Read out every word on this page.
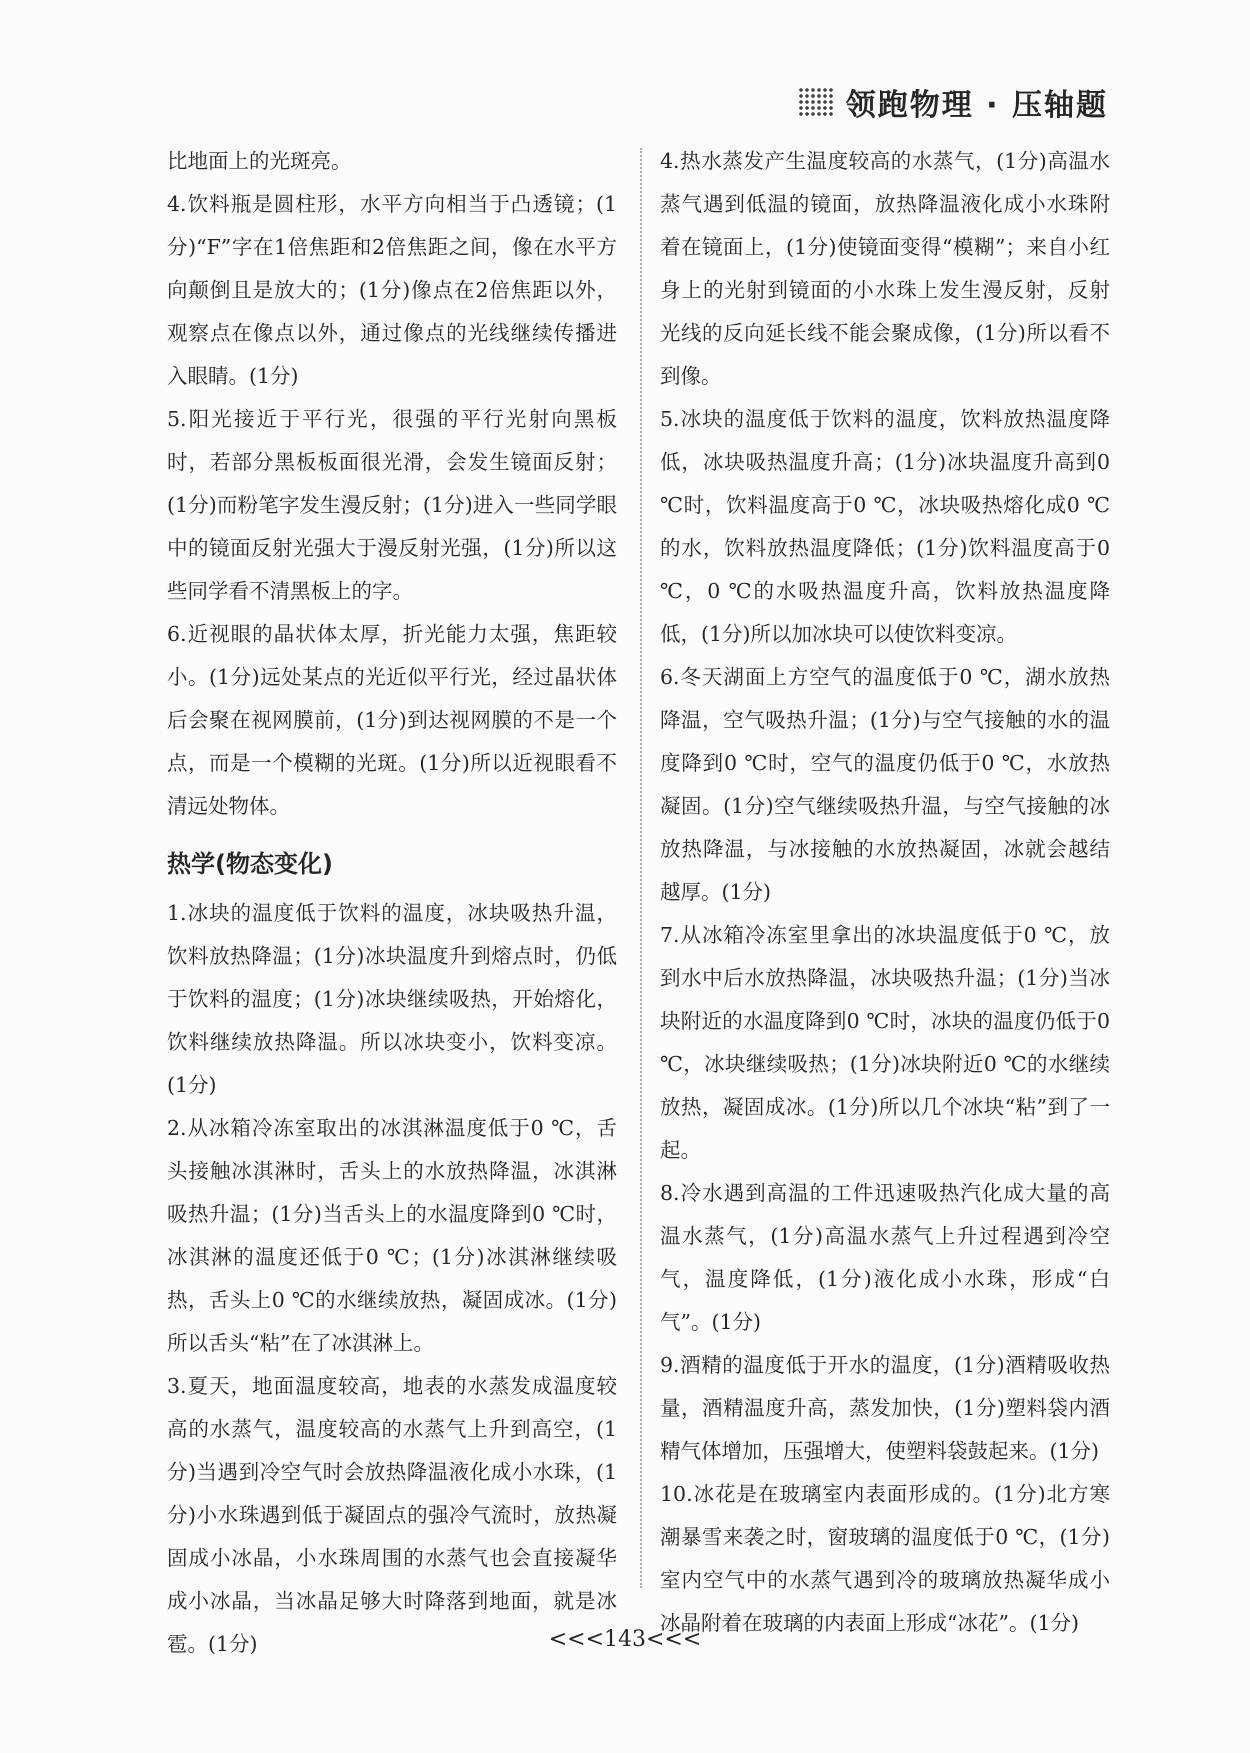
领跑物理 · 压轴题
比地面上的光斑亮。
4.饮料瓶是圆柱形，水平方向相当于凸透镜；(1分)“F”字在1倍焦距和2倍焦距之间，像在水平方向颠倒且是放大的；(1分)像点在2倍焦距以外，观察点在像点以外，通过像点的光线继续传播进入眼睛。(1分)
5.阳光接近于平行光，很强的平行光射向黑板时，若部分黑板板面很光滑，会发生镜面反射；(1分)而粉笔字发生漫反射；(1分)进入一些同学眼中的镜面反射光强大于漫反射光强，(1分)所以这些同学看不清黑板上的字。
6.近视眼的晶状体太厚，折光能力太强，焦距较小。(1分)远处某点的光近似平行光，经过晶状体后会聚在视网膜前，(1分)到达视网膜的不是一个点，而是一个模糊的光斑。(1分)所以近视眼看不清远处物体。
热学(物态变化)
1.冰块的温度低于饮料的温度，冰块吸热升温，饮料放热降温；(1分)冰块温度升到熔点时，仍低于饮料的温度；(1分)冰块继续吸热，开始熔化，饮料继续放热降温。所以冰块变小，饮料变凉。(1分)
2.从冰箱冷冻室取出的冰淇淋温度低于0 ℃，舌头接触冰淇淋时，舌头上的水放热降温，冰淇淋吸热升温；(1分)当舌头上的水温度降到0 ℃时，冰淇淋的温度还低于0 ℃；(1分)冰淇淋继续吸热，舌头上0 ℃的水继续放热，凝固成冰。(1分)所以舌头“粘”在了冰淇淋上。
3.夏天，地面温度较高，地表的水蒸发成温度较高的水蒸气，温度较高的水蒸气上升到高空，(1分)当遇到冷空气时会放热降温液化成小水珠，(1分)小水珠遇到低于凝固点的强冷气流时，放热凝固成小冰晶，小水珠周围的水蒸气也会直接凝华成小冰晶，当冰晶足够大时降落到地面，就是冰雹。(1分)
4.热水蒸发产生温度较高的水蒸气，(1分)高温水蒸气遇到低温的镜面，放热降温液化成小水珠附着在镜面上，(1分)使镜面变得“模糊”；来自小红身上的光射到镜面的小水珠上发生漫反射，反射光线的反向延长线不能会聚成像，(1分)所以看不到像。
5.冰块的温度低于饮料的温度，饮料放热温度降低，冰块吸热温度升高；(1分)冰块温度升高到0 ℃时，饮料温度高于0 ℃，冰块吸热熔化成0 ℃的水，饮料放热温度降低；(1分)饮料温度高于0 ℃，0 ℃的水吸热温度升高，饮料放热温度降低，(1分)所以加冰块可以使饮料变凉。
6.冬天湖面上方空气的温度低于0 ℃，湖水放热降温，空气吸热升温；(1分)与空气接触的水的温度降到0 ℃时，空气的温度仍低于0 ℃，水放热凝固。(1分)空气继续吸热升温，与空气接触的冰放热降温，与冰接触的水放热凝固，冰就会越结越厚。(1分)
7.从冰箱冷冻室里拿出的冰块温度低于0 ℃，放到水中后水放热降温，冰块吸热升温；(1分)当冰块附近的水温度降到0 ℃时，冰块的温度仍低于0 ℃，冰块继续吸热；(1分)冰块附近0 ℃的水继续放热，凝固成冰。(1分)所以几个冰块“粘”到了一起。
8.冷水遇到高温的工件迅速吸热汽化成大量的高温水蒸气，(1分)高温水蒸气上升过程遇到冷空气，温度降低，(1分)液化成小水珠，形成“白气”。(1分)
9.酒精的温度低于开水的温度，(1分)酒精吸收热量，酒精温度升高，蒸发加快，(1分)塑料袋内酒精气体增加，压强增大，使塑料袋鼓起来。(1分)
10.冰花是在玻璃室内表面形成的。(1分)北方寒潮暴雪来袭之时，窗玻璃的温度低于0 ℃，(1分)室内空气中的水蒸气遇到冷的玻璃放热凝华成小冰晶附着在玻璃的内表面上形成“冰花”。(1分)
<<<143<<<
